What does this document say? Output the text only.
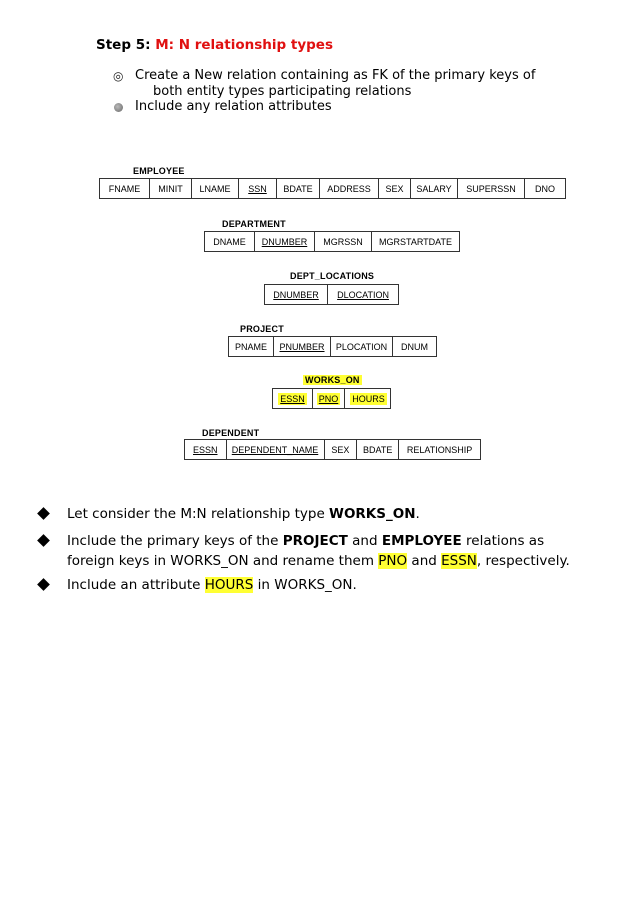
Step 5: M: N relationship types
◎ Create a New relation containing as FK of the primary keys of
both entity types participating relations
Include any relation attributes
EMPLOYEE
FNAME MINIT LNAME SSN BDATE ADDRESS SEX SALARY SUPERSSN DNO
DEPARTMENT
DNAME DNUMBER MGRSSN MGRSTARTDATE
DEPT_LOCATIONS
DNUMBER DLOCATION
PROJECT
PNAME PNUMBER PLOCATION DNUM
WORKS_ON
ESSN PNO HOURS
DEPENDENT
ESSN DEPENDENT_NAME SEX BDATE RELATIONSHIP
Let consider the M:N relationship type WORKS_ON.
Include the primary keys of the PROJECT and EMPLOYEE relations as
foreign keys in WORKS_ON and rename them PNO and ESSN, respectively.
Include an attribute HOURS in WORKS_ON.
